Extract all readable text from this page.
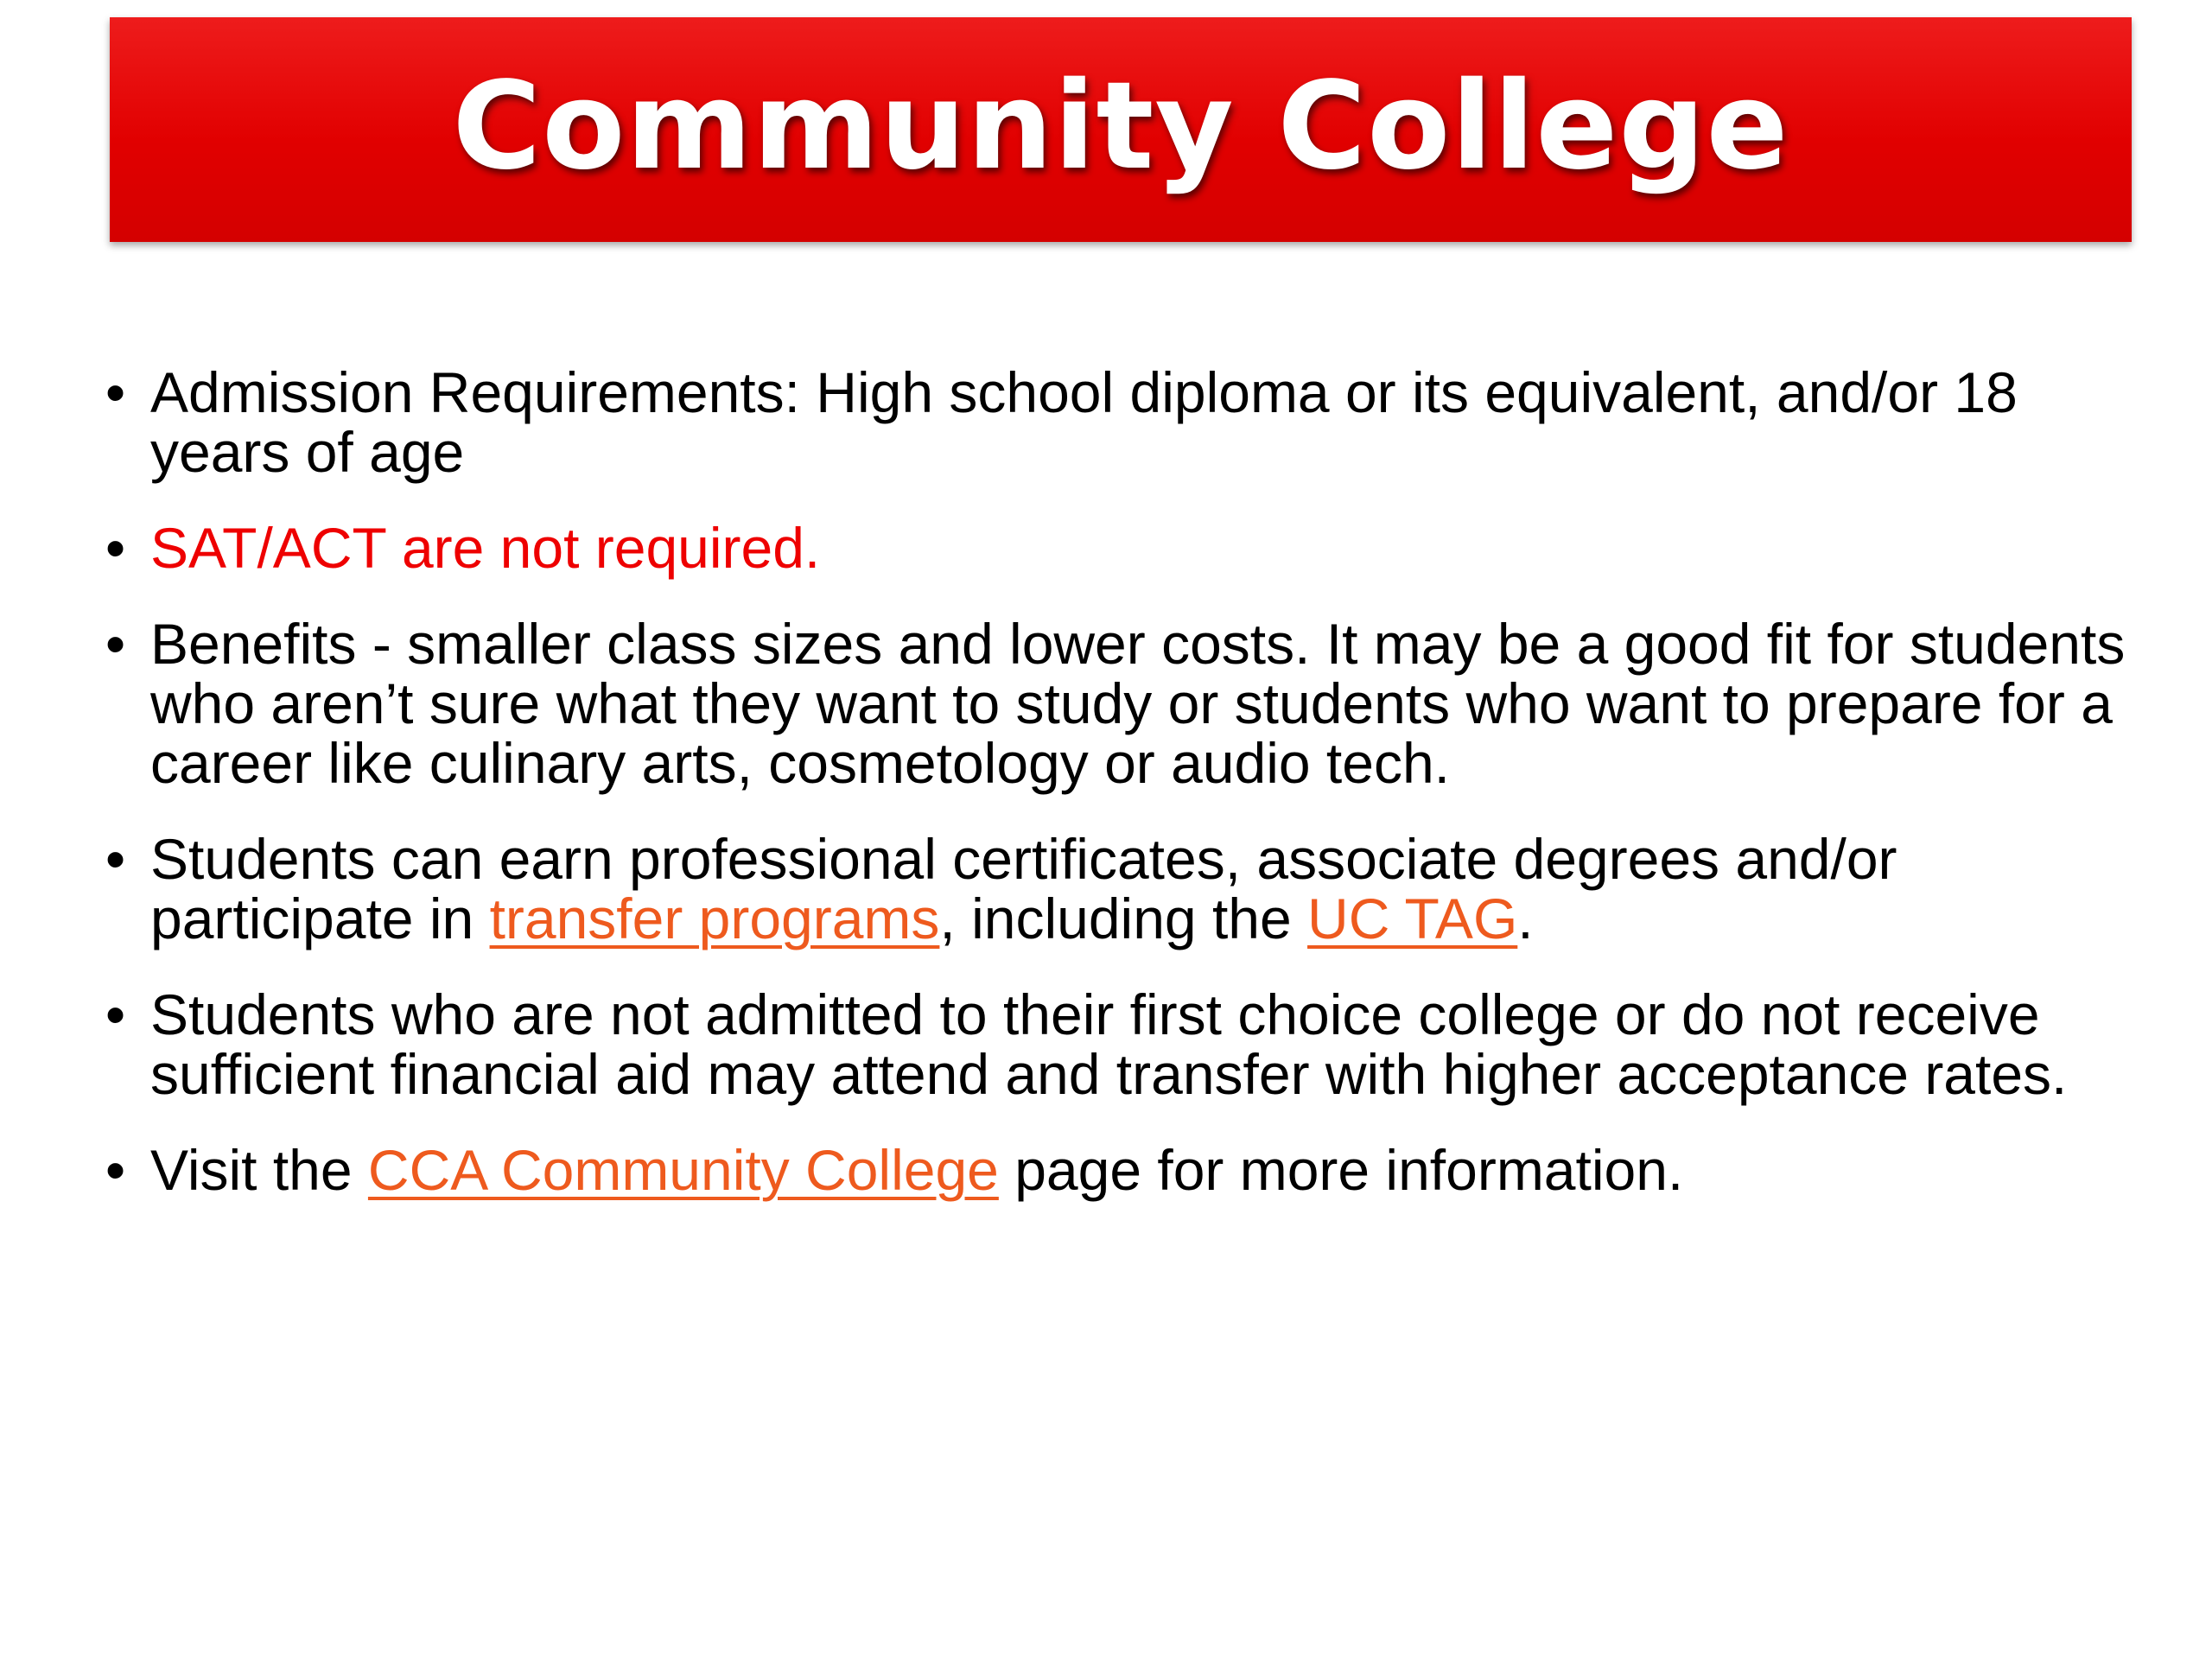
Community College
• Admission Requirements: High school diploma or its equivalent, and/or 18 years of age
• SAT/ACT are not required.
• Benefits - smaller class sizes and lower costs. It may be a good fit for students who aren’t sure what they want to study or students who want to prepare for a career like culinary arts, cosmetology or audio tech.
• Students can earn professional certificates, associate degrees and/or participate in transfer programs, including the UC TAG.
• Students who are not admitted to their first choice college or do not receive sufficient financial aid may attend and transfer with higher acceptance rates.
• Visit the CCA Community College page for more information.
